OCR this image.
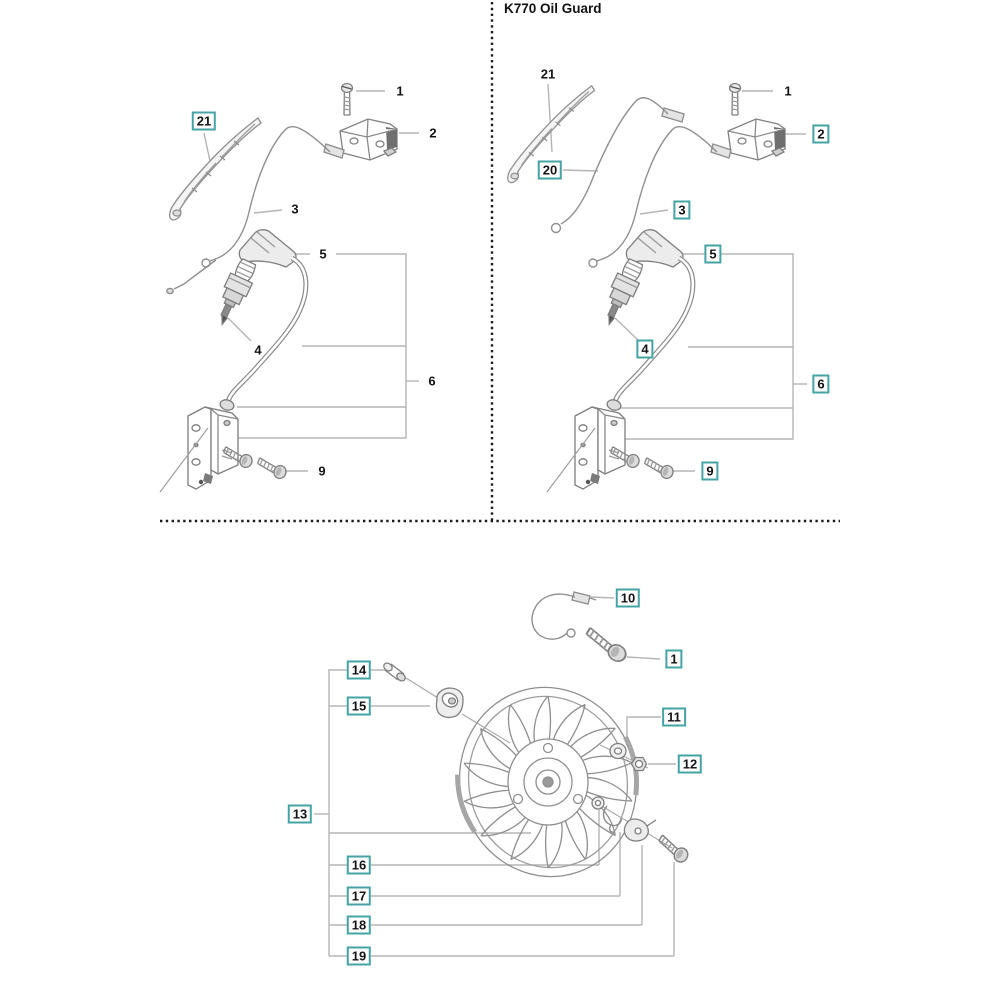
K770 Oil Guard
21
1
2
3
5
4
6
9
21
1
2
20
3
5
4
6
9
10
1
14
15
11
12
13
16
17
18
19
